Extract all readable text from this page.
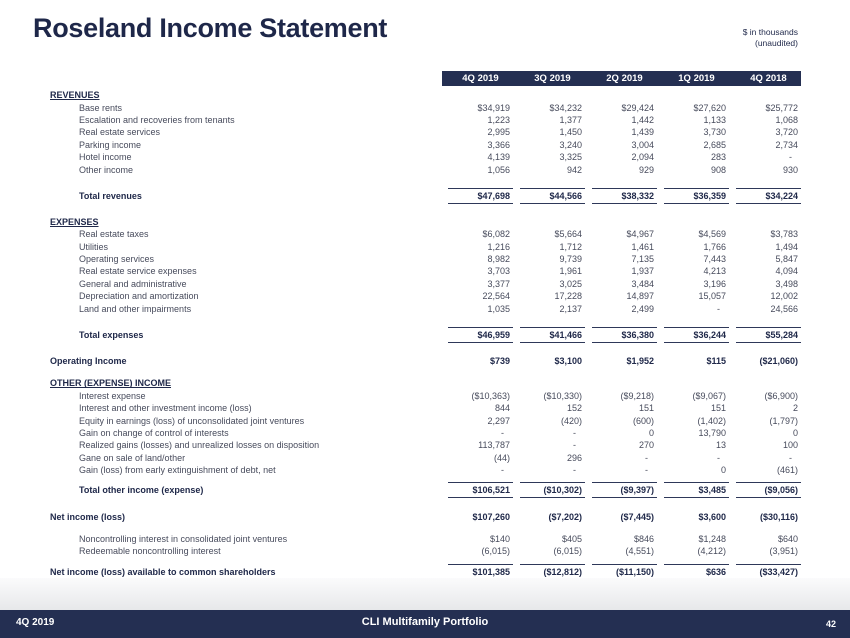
Roseland Income Statement	$ in thousands
(unaudited)
4Q 2019	3Q 2019	2Q 2019	1Q 2019	4Q 2018
REVENUES
Base rents	$34,919	$34,232	$29,424	$27,620	$25,772
Escalation and recoveries from tenants	1,223	1,377	1,442	1,133	1,068
Real estate services	2,995	1,450	1,439	3,730	3,720
Parking income	3,366	3,240	3,004	2,685	2,734
Hotel income	4,139	3,325	2,094	283	-
Other income	1,056	942	929	908	930
Total revenues	$47,698	$44,566	$38,332	$36,359	$34,224
EXPENSES
Real estate taxes	$6,082	$5,664	$4,967	$4,569	$3,783
Utilities	1,216	1,712	1,461	1,766	1,494
Operating services	8,982	9,739	7,135	7,443	5,847
Real estate service expenses	3,703	1,961	1,937	4,213	4,094
General and administrative	3,377	3,025	3,484	3,196	3,498
Depreciation and amortization	22,564	17,228	14,897	15,057	12,002
Land and other impairments	1,035	2,137	2,499	-	24,566
Total expenses	$46,959	$41,466	$36,380	$36,244	$55,284
Operating Income	$739	$3,100	$1,952	$115	($21,060)
OTHER (EXPENSE) INCOME
Interest expense	($10,363)	($10,330)	($9,218)	($9,067)	($6,900)
Interest and other investment income (loss)	844	152	151	151	2
Equity in earnings (loss) of unconsolidated joint ventures	2,297	(420)	(600)	(1,402)	(1,797)
Gain on change of control of interests	-	-	0	13,790	0
Realized gains (losses) and unrealized losses on disposition	113,787	-	270	13	100
Gane on sale of land/other	(44)	296	-	-	-
Gain (loss) from early extinguishment of debt, net	-	-	-	0	(461)
Total other income (expense)	$106,521	($10,302)	($9,397)	$3,485	($9,056)
Net income (loss)	$107,260	($7,202)	($7,445)	$3,600	($30,116)
Noncontrolling interest in consolidated joint ventures	$140	$405	$846	$1,248	$640
Redeemable noncontrolling interest	(6,015)	(6,015)	(4,551)	(4,212)	(3,951)
Net income (loss) available to common shareholders	$101,385	($12,812)	($11,150)	$636	($33,427)
4Q 2019	CLI Multifamily Portfolio	42
